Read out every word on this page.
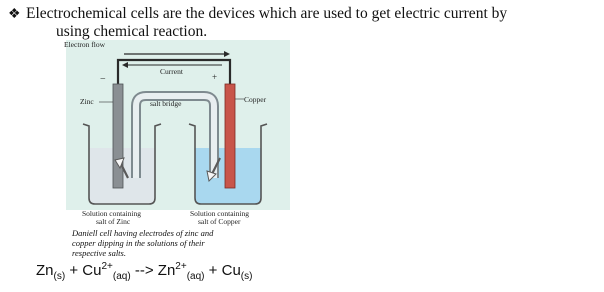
❖ Electrochemical cells are the devices which are used to get electric current by
using chemical reaction.
Electron flow
Current
−	+
salt bridge
Zinc	Copper
Solution containing
salt of Zinc
Solution containing
salt of Copper
Daniell cell having electrodes of zinc and
copper dipping in the solutions of their
respective salts.
$Zn_{(s)} + Cu^{2+}_{(aq)}$ --> $Zn^{2+}_{(aq)} + Cu_{(s)}$
